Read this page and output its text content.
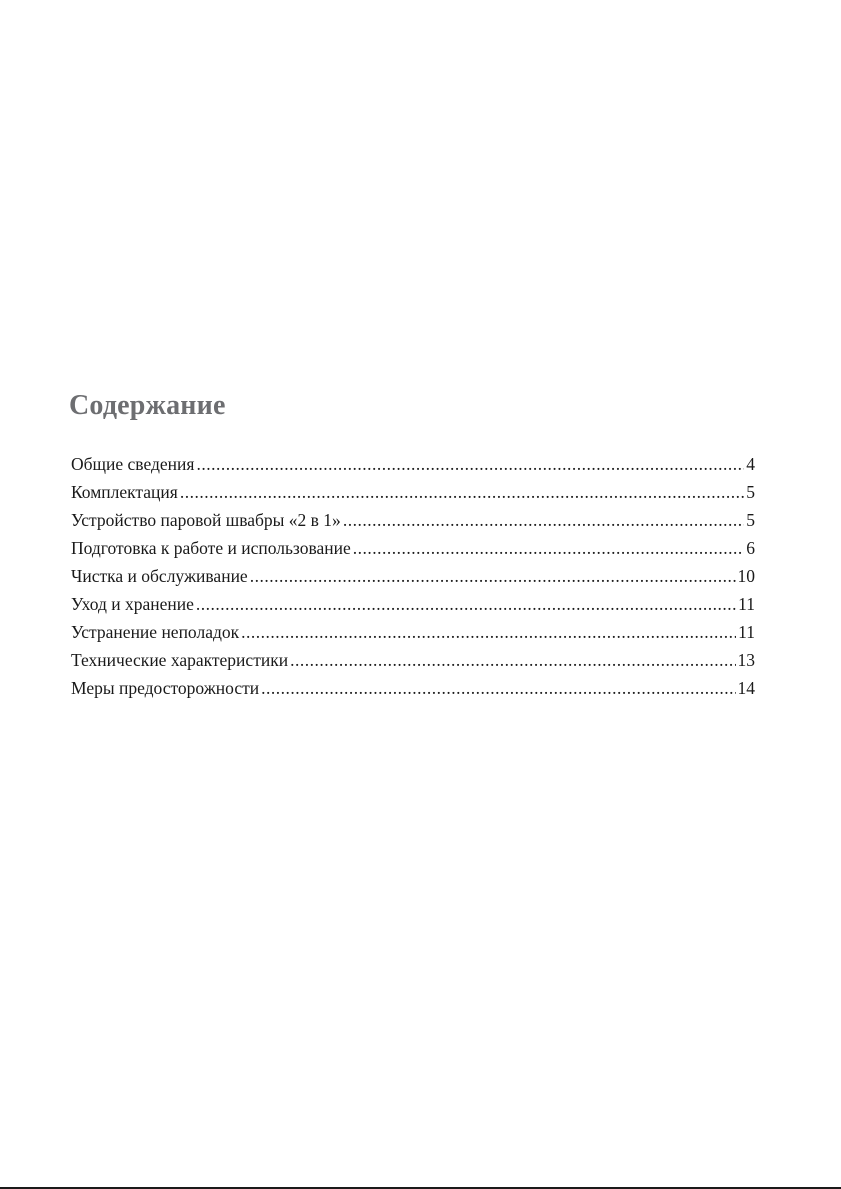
Содержание
Общие сведения .....	4
Комплектация .....	5
Устройство паровой швабры «2 в 1» .....	5
Подготовка к работе и использование .....	6
Чистка и обслуживание .....	10
Уход и хранение .....	11
Устранение неполадок .....	11
Технические характеристики .....	13
Меры предосторожности .....	14
